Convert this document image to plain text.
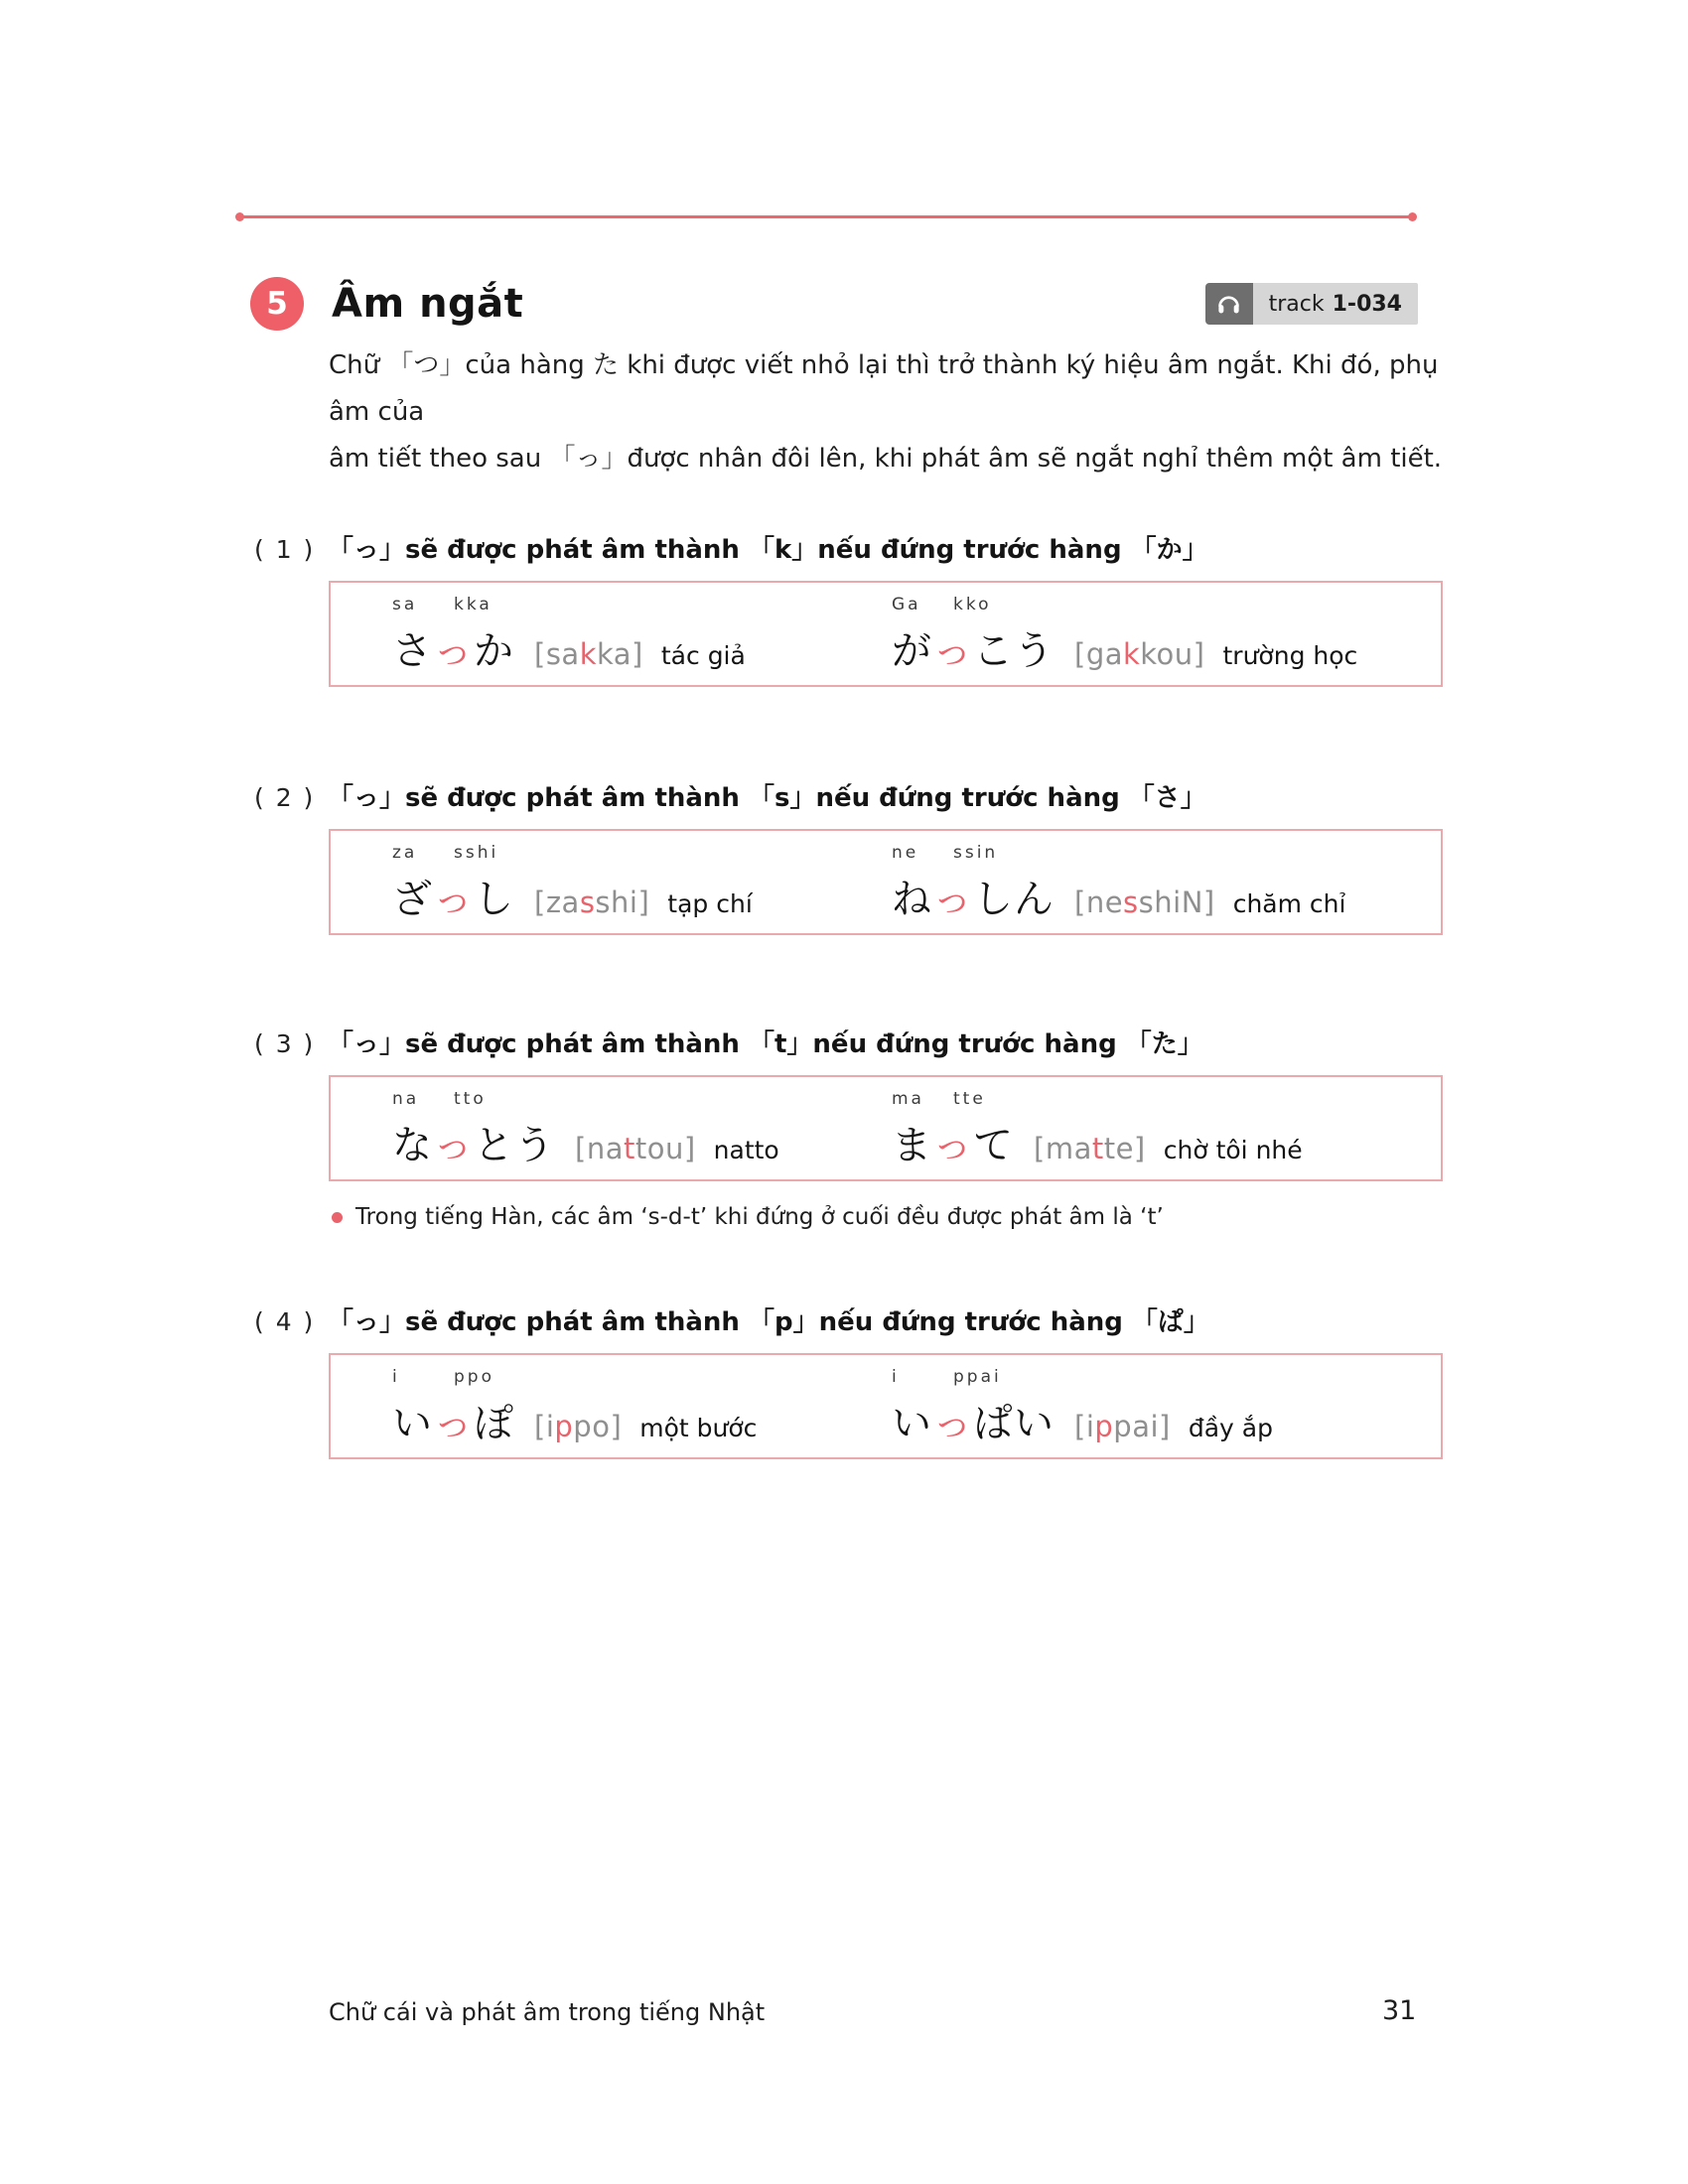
5	Âm ngắt	track 1-034

Chữ 「つ」của hàng た khi được viết nhỏ lại thì trở thành ký hiệu âm ngắt. Khi đó, phụ âm của
âm tiết theo sau 「っ」được nhân đôi lên, khi phát âm sẽ ngắt nghỉ thêm một âm tiết.

( 1 ) 「っ」sẽ được phát âm thành 「k」nếu đứng trước hàng 「か」
sa kka
さっか [sakka] tác giả
Ga kko
がっこう [gakkou] trường học
( 2 ) 「っ」sẽ được phát âm thành 「s」nếu đứng trước hàng 「さ」
za sshi
ざっし [zasshi] tạp chí
ne ssin
ねっしん [nesshiN] chăm chỉ
( 3 ) 「っ」sẽ được phát âm thành 「t」nếu đứng trước hàng 「た」
na tto
なっとう [nattou] natto
ma tte
まって [matte] chờ tôi nhé
Trong tiếng Hàn, các âm ‘s-d-t’ khi đứng ở cuối đều được phát âm là ‘t’
( 4 ) 「っ」sẽ được phát âm thành 「p」nếu đứng trước hàng 「ぱ」
i	ppo
いっぽ [ippo] một bước
i	ppai
いっぱい [ippai] đầy ắp
Chữ cái và phát âm trong tiếng Nhật	31
